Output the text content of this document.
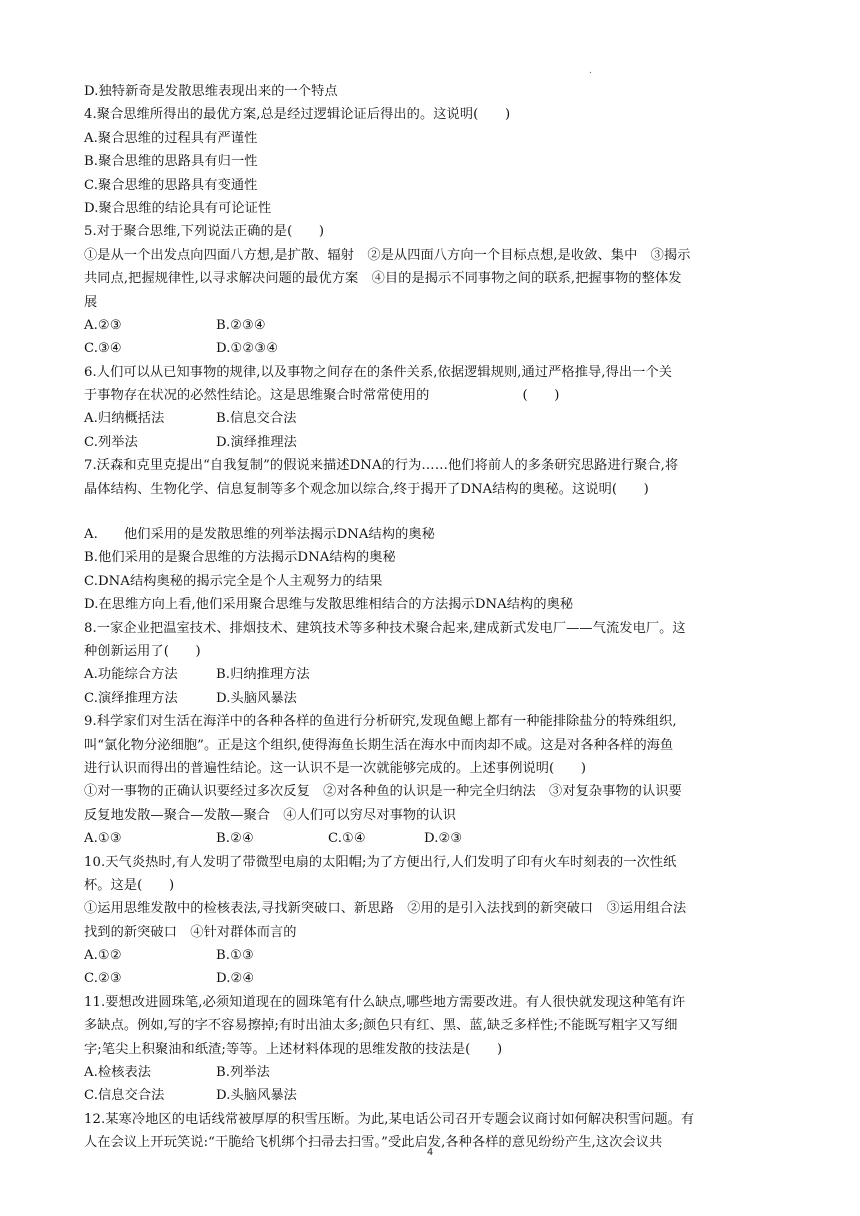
.
D.独特新奇是发散思维表现出来的一个特点
4.聚合思维所得出的最优方案,总是经过逻辑论证后得出的。这说明(　　)
A.聚合思维的过程具有严谨性
B.聚合思维的思路具有归一性
C.聚合思维的思路具有变通性
D.聚合思维的结论具有可论证性
5.对于聚合思维,下列说法正确的是(　　)
①是从一个出发点向四面八方想,是扩散、辐射　②是从四面八方向一个目标点想,是收敛、集中　③揭示
共同点,把握规律性,以寻求解决问题的最优方案　④目的是揭示不同事物之间的联系,把握事物的整体发
展
A.②③	B.②③④
C.③④	D.①②③④
6.人们可以从已知事物的规律,以及事物之间存在的条件关系,依据逻辑规则,通过严格推导,得出一个关
于事物存在状况的必然性结论。这是思维聚合时常常使用的　　　　　　　(　　)
A.归纳概括法	B.信息交合法
C.列举法	D.演绎推理法
7.沃森和克里克提出“自我复制”的假说来描述DNA的行为……他们将前人的多条研究思路进行聚合,将
晶体结构、生物化学、信息复制等多个观念加以综合,终于揭开了DNA结构的奥秘。这说明(　　)
A. 他们采用的是发散思维的列举法揭示DNA结构的奥秘
B.他们采用的是聚合思维的方法揭示DNA结构的奥秘
C.DNA结构奥秘的揭示完全是个人主观努力的结果
D.在思维方向上看,他们采用聚合思维与发散思维相结合的方法揭示DNA结构的奥秘
8.一家企业把温室技术、排烟技术、建筑技术等多种技术聚合起来,建成新式发电厂——气流发电厂。这
种创新运用了(　　)
A.功能综合方法	B.归纳推理方法
C.演绎推理方法	D.头脑风暴法
9.科学家们对生活在海洋中的各种各样的鱼进行分析研究,发现鱼鳃上都有一种能排除盐分的特殊组织,
叫“氯化物分泌细胞”。正是这个组织,使得海鱼长期生活在海水中而肉却不咸。这是对各种各样的海鱼
进行认识而得出的普遍性结论。这一认识不是一次就能够完成的。上述事例说明(　　)
①对一事物的正确认识要经过多次反复　②对各种鱼的认识是一种完全归纳法　③对复杂事物的认识要
反复地发散—聚合—发散—聚合　④人们可以穷尽对事物的认识
A.①③	B.②④	C.①④	D.②③
10.天气炎热时,有人发明了带微型电扇的太阳帽;为了方便出行,人们发明了印有火车时刻表的一次性纸
杯。这是(　　)
①运用思维发散中的检核表法,寻找新突破口、新思路　②用的是引入法找到的新突破口　③运用组合法
找到的新突破口　④针对群体而言的
A.①②	B.①③
C.②③	D.②④
11.要想改进圆珠笔,必须知道现在的圆珠笔有什么缺点,哪些地方需要改进。有人很快就发现这种笔有许
多缺点。例如,写的字不容易擦掉;有时出油太多;颜色只有红、黑、蓝,缺乏多样性;不能既写粗字又写细
字;笔尖上积聚油和纸渣;等等。上述材料体现的思维发散的技法是(　　)
A.检核表法	B.列举法
C.信息交合法	D.头脑风暴法
12.某寒冷地区的电话线常被厚厚的积雪压断。为此,某电话公司召开专题会议商讨如何解决积雪问题。有
人在会议上开玩笑说:“干脆给飞机绑个扫帚去扫雪。”受此启发,各种各样的意见纷纷产生,这次会议共
4
